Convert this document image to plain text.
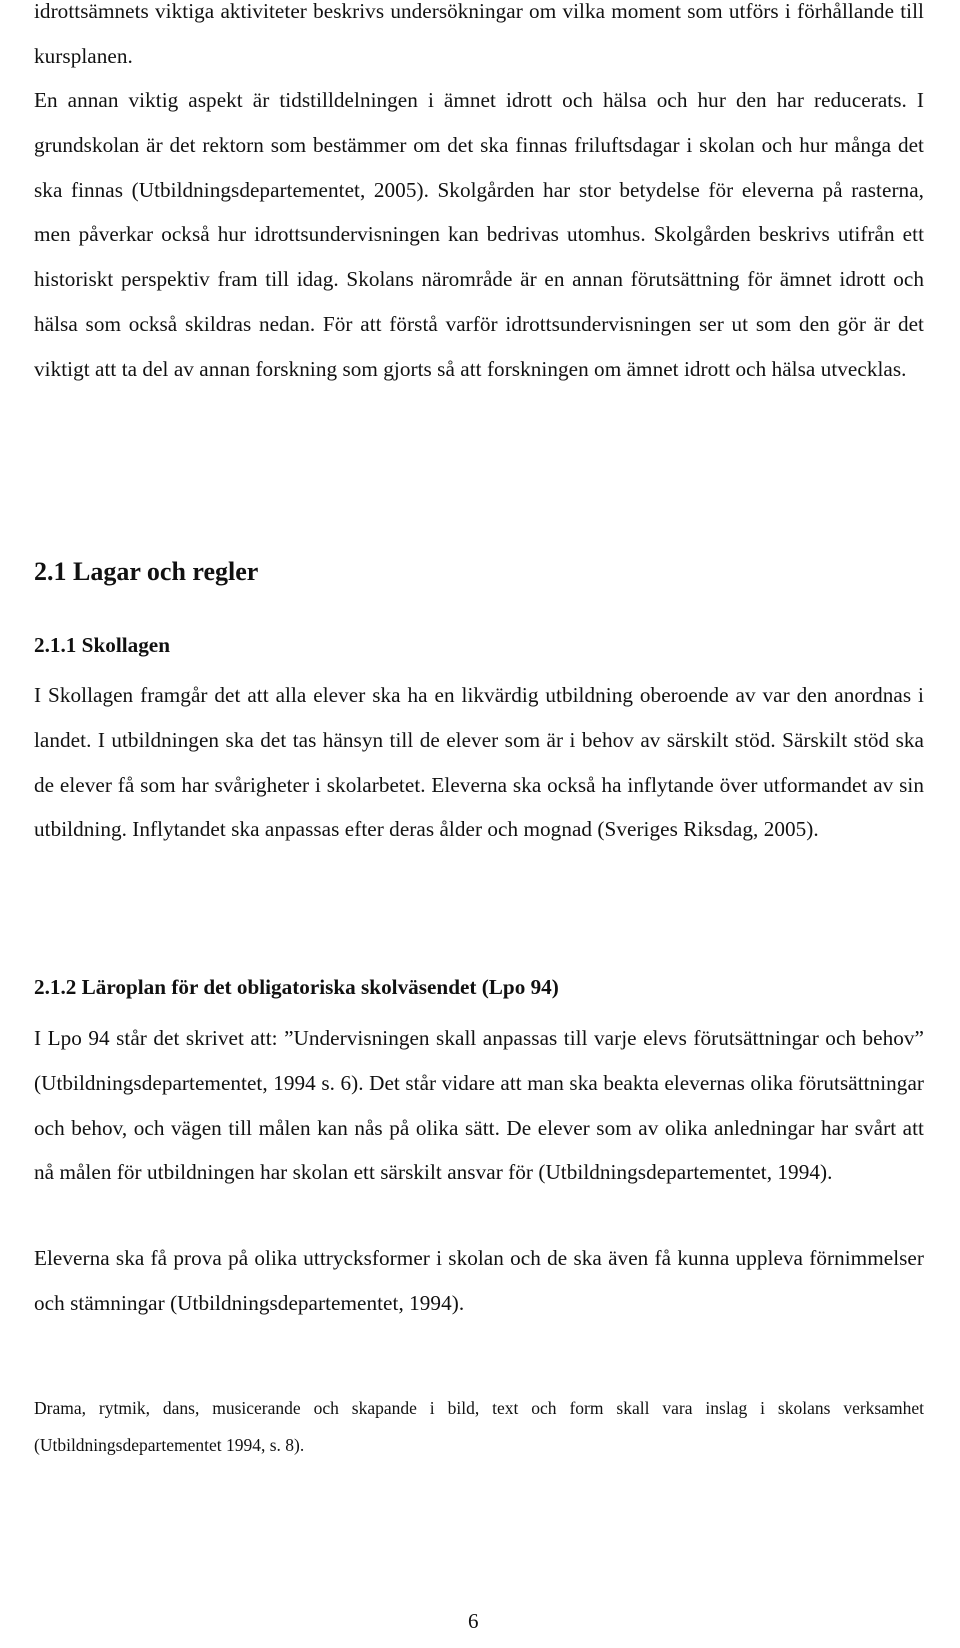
idrottsämnets viktiga aktiviteter beskrivs undersökningar om vilka moment som utförs i förhållande till kursplanen.

En annan viktig aspekt är tidstilldelningen i ämnet idrott och hälsa och hur den har reducerats. I grundskolan är det rektorn som bestämmer om det ska finnas friluftsdagar i skolan och hur många det ska finnas (Utbildningsdepartementet, 2005). Skolgården har stor betydelse för eleverna på rasterna, men påverkar också hur idrottsundervisningen kan bedrivas utomhus. Skolgården beskrivs utifrån ett historiskt perspektiv fram till idag. Skolans närområde är en annan förutsättning för ämnet idrott och hälsa som också skildras nedan. För att förstå varför idrottsundervisningen ser ut som den gör är det viktigt att ta del av annan forskning som gjorts så att forskningen om ämnet idrott och hälsa utvecklas.

2.1 Lagar och regler
2.1.1 Skollagen

I Skollagen framgår det att alla elever ska ha en likvärdig utbildning oberoende av var den anordnas i landet. I utbildningen ska det tas hänsyn till de elever som är i behov av särskilt stöd. Särskilt stöd ska de elever få som har svårigheter i skolarbetet. Eleverna ska också ha inflytande över utformandet av sin utbildning. Inflytandet ska anpassas efter deras ålder och mognad (Sveriges Riksdag, 2005).

2.1.2 Läroplan för det obligatoriska skolväsendet (Lpo 94)

I Lpo 94 står det skrivet att: ”Undervisningen skall anpassas till varje elevs förutsättningar och behov” (Utbildningsdepartementet, 1994 s. 6). Det står vidare att man ska beakta elevernas olika förutsättningar och behov, och vägen till målen kan nås på olika sätt. De elever som av olika anledningar har svårt att nå målen för utbildningen har skolan ett särskilt ansvar för (Utbildningsdepartementet, 1994).

Eleverna ska få prova på olika uttrycksformer i skolan och de ska även få kunna uppleva förnimmelser och stämningar (Utbildningsdepartementet, 1994).

Drama, rytmik, dans, musicerande och skapande i bild, text och form skall vara inslag i skolans verksamhet (Utbildningsdepartementet 1994, s. 8).

6
